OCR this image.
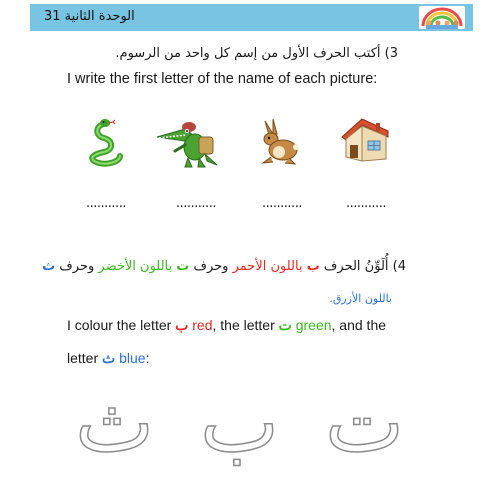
الوحدة الثانية 31
3) أكتب الحرف الأول من إسم كل واحد من الرسوم.
I write the first letter of the name of each picture:
...........	...........	...........	...........
4) أُلَوِّنُ الحرف ب باللون الأحمر وحرف ت باللون الأخضر وحرف ث
باللون الأزرق.
I colour the letter ب red, the letter ت green, and the
letter ث blue:
ث ب ت
